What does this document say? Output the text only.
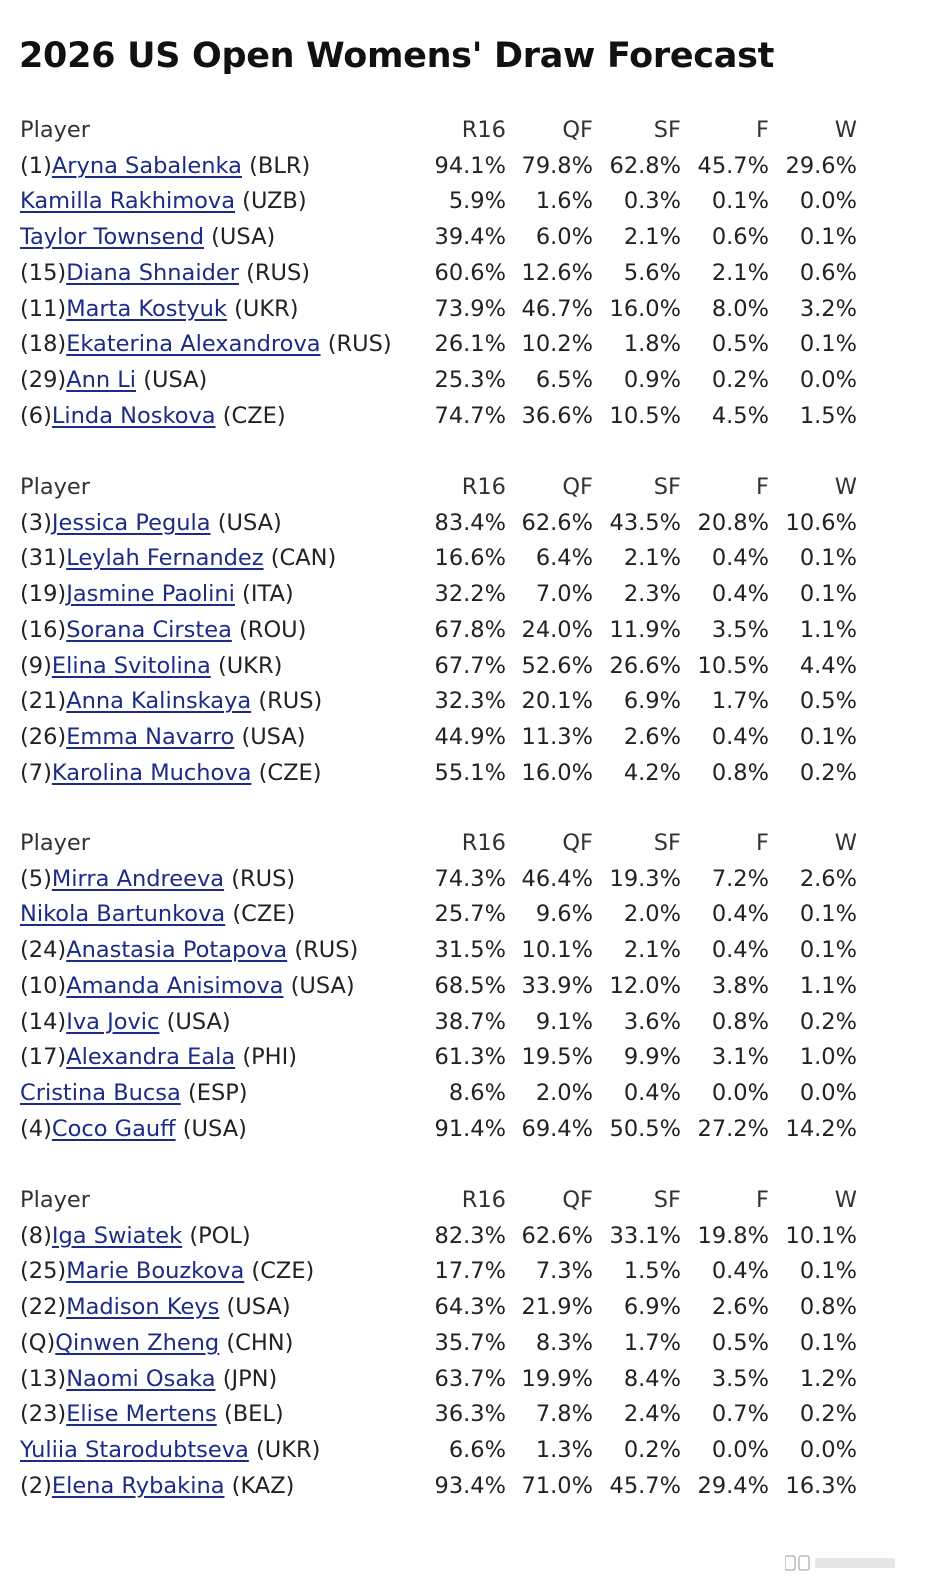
2026 US Open Womens' Draw Forecast
Player	R16	QF	SF	F	W
(1)Aryna Sabalenka (BLR)	94.1% 79.8% 62.8% 45.7% 29.6%
Kamilla Rakhimova (UZB)	5.9%	1.6%	0.3%	0.1%	0.0%
Taylor Townsend (USA)	39.4%	6.0%	2.1%	0.6%	0.1%
(15)Diana Shnaider (RUS)	60.6% 12.6%	5.6%	2.1%	0.6%
(11)Marta Kostyuk (UKR)	73.9% 46.7% 16.0%	8.0%	3.2%
(18)Ekaterina Alexandrova (RUS)	26.1% 10.2%	1.8%	0.5%	0.1%
(29)Ann Li (USA)	25.3%	6.5%	0.9%	0.2%	0.0%
(6)Linda Noskova (CZE)	74.7% 36.6% 10.5%	4.5%	1.5%
Player	R16	QF	SF	F	W
(3)Jessica Pegula (USA)	83.4% 62.6% 43.5% 20.8% 10.6%
(31)Leylah Fernandez (CAN)	16.6%	6.4%	2.1%	0.4%	0.1%
(19)Jasmine Paolini (ITA)	32.2%	7.0%	2.3%	0.4%	0.1%
(16)Sorana Cirstea (ROU)	67.8% 24.0% 11.9%	3.5%	1.1%
(9)Elina Svitolina (UKR)	67.7% 52.6% 26.6% 10.5%	4.4%
(21)Anna Kalinskaya (RUS)	32.3% 20.1%	6.9%	1.7%	0.5%
(26)Emma Navarro (USA)	44.9% 11.3%	2.6%	0.4%	0.1%
(7)Karolina Muchova (CZE)	55.1% 16.0%	4.2%	0.8%	0.2%
Player	R16	QF	SF	F	W
(5)Mirra Andreeva (RUS)	74.3% 46.4% 19.3%	7.2%	2.6%
Nikola Bartunkova (CZE)	25.7%	9.6%	2.0%	0.4%	0.1%
(24)Anastasia Potapova (RUS)	31.5% 10.1%	2.1%	0.4%	0.1%
(10)Amanda Anisimova (USA)	68.5% 33.9% 12.0%	3.8%	1.1%
(14)Iva Jovic (USA)	38.7%	9.1%	3.6%	0.8%	0.2%
(17)Alexandra Eala (PHI)	61.3% 19.5%	9.9%	3.1%	1.0%
Cristina Bucsa (ESP)	8.6%	2.0%	0.4%	0.0%	0.0%
(4)Coco Gauff (USA)	91.4% 69.4% 50.5% 27.2% 14.2%
Player	R16	QF	SF	F	W
(8)Iga Swiatek (POL)	82.3% 62.6% 33.1% 19.8% 10.1%
(25)Marie Bouzkova (CZE)	17.7%	7.3%	1.5%	0.4%	0.1%
(22)Madison Keys (USA)	64.3% 21.9%	6.9%	2.6%	0.8%
(Q)Qinwen Zheng (CHN)	35.7%	8.3%	1.7%	0.5%	0.1%
(13)Naomi Osaka (JPN)	63.7% 19.9%	8.4%	3.5%	1.2%
(23)Elise Mertens (BEL)	36.3%	7.8%	2.4%	0.7%	0.2%
Yuliia Starodubtseva (UKR)	6.6%	1.3%	0.2%	0.0%	0.0%
(2)Elena Rybakina (KAZ)	93.4% 71.0% 45.7% 29.4% 16.3%
